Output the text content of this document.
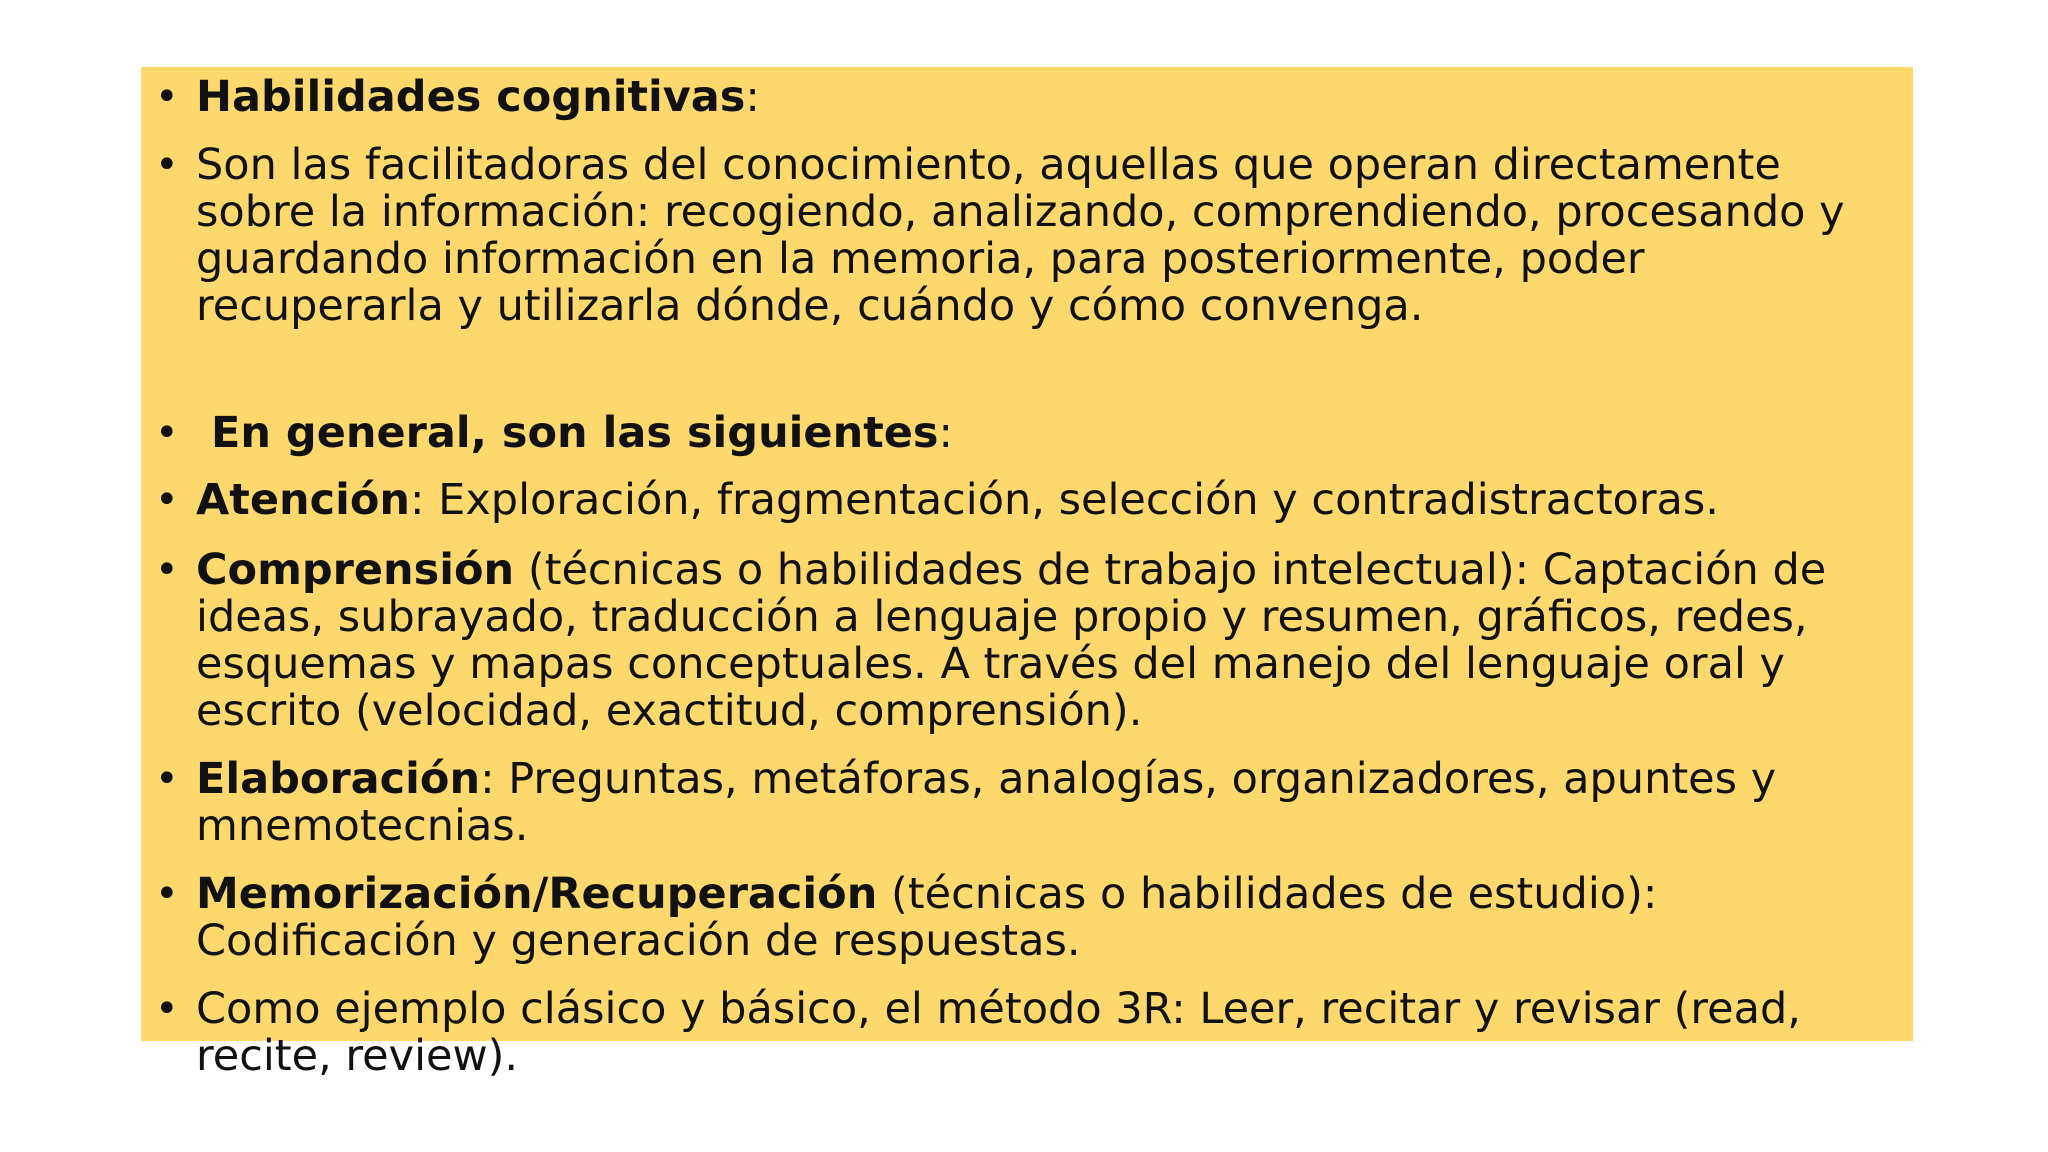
• Habilidades cognitivas:
• Son las facilitadoras del conocimiento, aquellas que operan directamente sobre la información: recogiendo, analizando, comprendiendo, procesando y guardando información en la memoria, para posteriormente, poder recuperarla y utilizarla dónde, cuándo y cómo convenga.
• En general, son las siguientes:
• Atención: Exploración, fragmentación, selección y contradistractoras.
• Comprensión (técnicas o habilidades de trabajo intelectual): Captación de ideas, subrayado, traducción a lenguaje propio y resumen, gráficos, redes, esquemas y mapas conceptuales. A través del manejo del lenguaje oral y escrito (velocidad, exactitud, comprensión).
• Elaboración: Preguntas, metáforas, analogías, organizadores, apuntes y mnemotecnias.
• Memorización/Recuperación (técnicas o habilidades de estudio): Codificación y generación de respuestas.
• Como ejemplo clásico y básico, el método 3R: Leer, recitar y revisar (read, recite, review).
